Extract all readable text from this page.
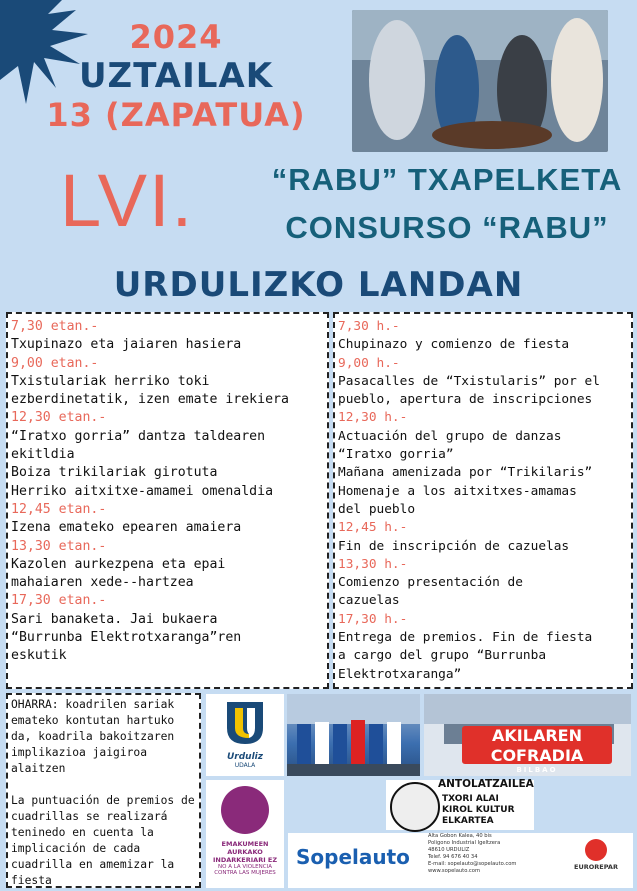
2024
UZTAILAK
13 (ZAPATUA)
LVI.	“RABU” TXAPELKETA
CONSURSO “RABU”
URDULIZKO LANDAN
7,30 etan.-
Txupinazo eta jaiaren hasiera
9,00 etan.-
Txistulariak herriko toki
ezberdinetatik, izen emate irekiera
12,30 etan.-
“Iratxo gorria” dantza taldearen
ekitldia
Boiza trikilariak girotuta
Herriko aitxitxe-amamei omenaldia
12,45 etan.-
Izena emateko epearen amaiera
13,30 etan.-
Kazolen aurkezpena eta epai
mahaiaren xede--hartzea
17,30 etan.-
Sari banaketa. Jai bukaera
“Burrunba Elektrotxaranga”ren
eskutik
7,30 h.-
Chupinazo y comienzo de fiesta
9,00 h.-
Pasacalles de “Txistularis” por el
pueblo, apertura de inscripciones
12,30 h.-
Actuación del grupo de danzas
“Iratxo gorria”
Mañana amenizada por “Trikilaris”
Homenaje a los aitxitxes-amamas
del pueblo
12,45 h.-
Fin de inscripción de cazuelas
13,30 h.-
Comienzo presentación de
cazuelas
17,30 h.-
Entrega de premios. Fin de fiesta
a cargo del grupo “Burrunba
Elektrotxaranga”
OHARRA: koadrilen sariak emateko kontutan hartuko da, koadrila bakoitzaren implikazioa jaigiroa alaitzen
La puntuación de premios de cuadrillas se realizará teninedo en cuenta la implicación de cada cuadrilla en amemizar la fiesta
Urduliz
UDALA
AKILAREN COFRADIA
BILBAO
EMAKUMEEN AURKAKO INDARKERIARI EZ
NO A LA VIOLENCIA CONTRA LAS MUJERES
ANTOLATZAILEA
TXORI ALAI
KIROL KULTUR
ELKARTEA
Sopelauto
Alta Gobon Kalea, 40 bis
Poligono Industrial Igeltzera
48610 URDULIZ
Telef. 94 676 40 34
E-mail: sopelauto@sopelauto.com
www.sopelauto.com	EUROREPAR
